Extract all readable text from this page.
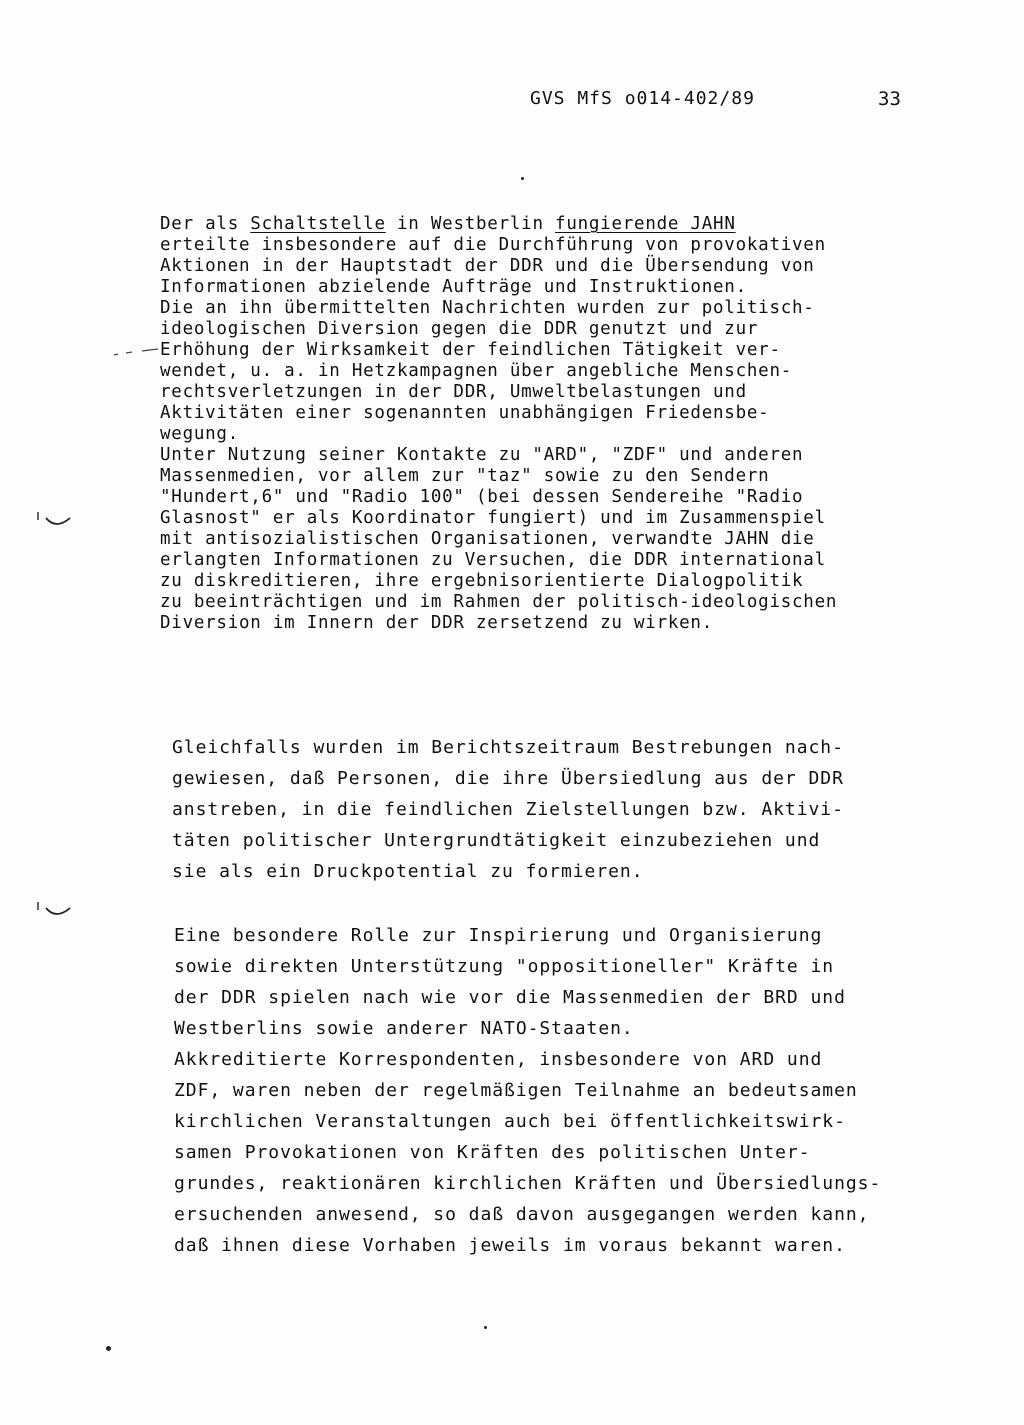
GVS MfS o014-402/89	33
Der als Schaltstelle in Westberlin fungierende JAHN
erteilte insbesondere auf die Durchführung von provokativen
Aktionen in der Hauptstadt der DDR und die Übersendung von
Informationen abzielende Aufträge und Instruktionen.
Die an ihn übermittelten Nachrichten wurden zur politisch-
ideologischen Diversion gegen die DDR genutzt und zur
Erhöhung der Wirksamkeit der feindlichen Tätigkeit ver-
wendet, u. a. in Hetzkampagnen über angebliche Menschen-
rechtsverletzungen in der DDR, Umweltbelastungen und
Aktivitäten einer sogenannten unabhängigen Friedensbe-
wegung.
Unter Nutzung seiner Kontakte zu "ARD", "ZDF" und anderen
Massenmedien, vor allem zur "taz" sowie zu den Sendern
"Hundert,6" und "Radio 100" (bei dessen Sendereihe "Radio
Glasnost" er als Koordinator fungiert) und im Zusammenspiel
mit antisozialistischen Organisationen, verwandte JAHN die
erlangten Informationen zu Versuchen, die DDR international
zu diskreditieren, ihre ergebnisorientierte Dialogpolitik
zu beeinträchtigen und im Rahmen der politisch-ideologischen
Diversion im Innern der DDR zersetzend zu wirken.
Gleichfalls wurden im Berichtszeitraum Bestrebungen nach-
gewiesen, daß Personen, die ihre Übersiedlung aus der DDR
anstreben, in die feindlichen Zielstellungen bzw. Aktivi-
täten politischer Untergrundtätigkeit einzubeziehen und
sie als ein Druckpotential zu formieren.
Eine besondere Rolle zur Inspirierung und Organisierung
sowie direkten Unterstützung "oppositioneller" Kräfte in
der DDR spielen nach wie vor die Massenmedien der BRD und
Westberlins sowie anderer NATO-Staaten.
Akkreditierte Korrespondenten, insbesondere von ARD und
ZDF, waren neben der regelmäßigen Teilnahme an bedeutsamen
kirchlichen Veranstaltungen auch bei öffentlichkeitswirk-
samen Provokationen von Kräften des politischen Unter-
grundes, reaktionären kirchlichen Kräften und Übersiedlungs-
ersuchenden anwesend, so daß davon ausgegangen werden kann,
daß ihnen diese Vorhaben jeweils im voraus bekannt waren.
